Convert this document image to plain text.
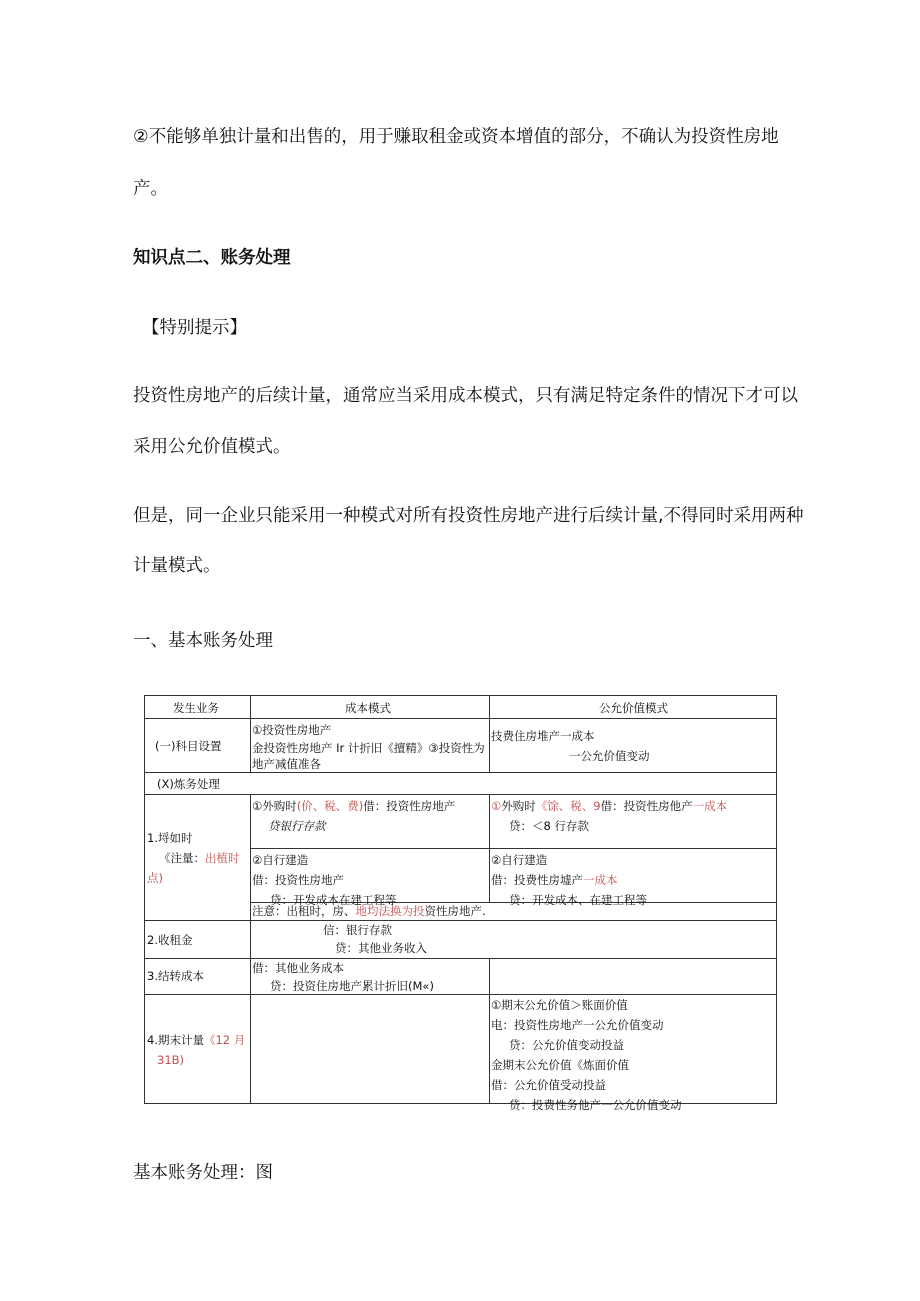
②不能够单独计量和出售的，用于赚取租金或资本增值的部分，不确认为投资性房地

产。

知识点二、账务处理

【特别提示】

投资性房地产的后续计量，通常应当采用成本模式，只有满足特定条件的情况下才可以

采用公允价值模式。

但是，同一企业只能采用一种模式对所有投资性房地产进行后续计量,不得同时采用两种

计量模式。

一、基本账务处理

发生业务	成本模式	公允价值模式
(一)科目设置
①投资性房地产
金投资性房地产 Ir 计折旧《擅精》③投资性为
地产减值准各
技费住房堆产一成本
一公允价值变动
(X)炼务处理
1.埒如时
《注量：出植时
点)
①外购时(价、税、费)借：投资性房地产
贷银行存款
①外购时《馀、税、9借：投资性房他产一成本
贷：＜8 行存款
②自行建造
借：投资性房地产
贷：开发成本在建工程等
②自行建造
借：投费性房墟产一成本
贷：开发成本、在建工程等
注意：出租时，房、地均法换为投资性房地产.
2.收租金
信：银行存款
贷：其他业务收入
3.结转成本
借：其他业务成本
贷：投资住房地产累计折旧(M«)
4.期末计量《12 月
31B)
①期末公允价值＞账面价值
电：投资性房地产一公允价值变动
贷：公允价值变动投益
金期末公允价值《炼面价值
借：公允价值受动投益
贷：投费性务他产一公允价值变动

基本账务处理：图
